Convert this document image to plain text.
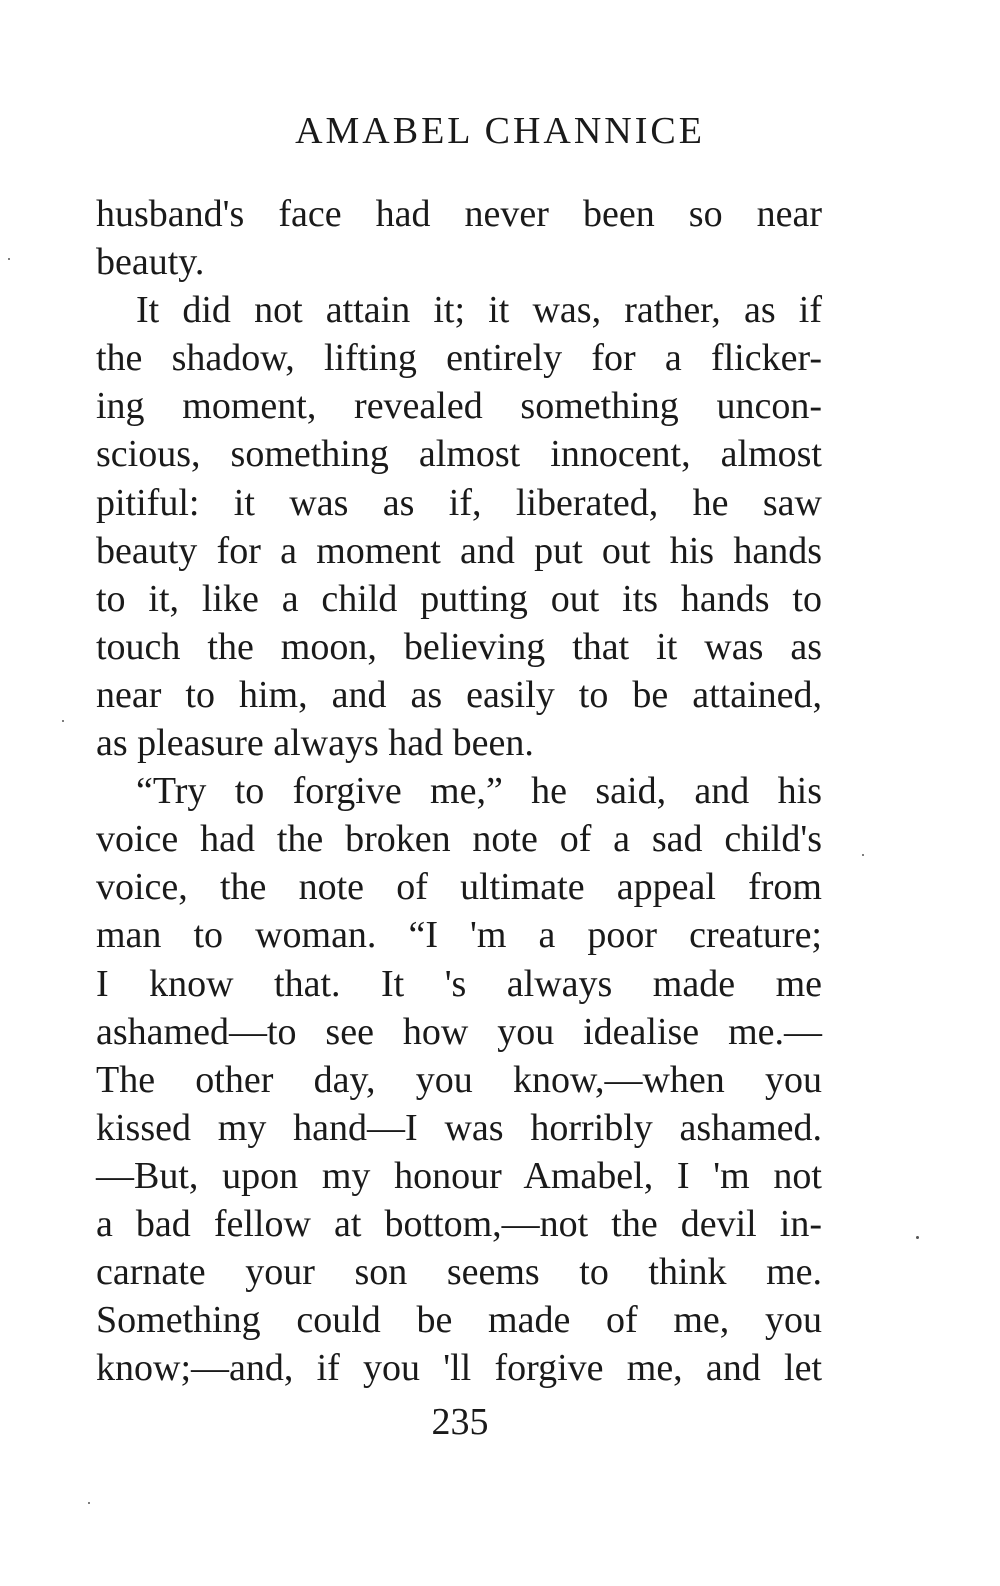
AMABEL CHANNICE
husband's face had never been so near
beauty.
It did not attain it; it was, rather, as if
the shadow, lifting entirely for a flicker-
ing moment, revealed something uncon-
scious, something almost innocent, almost
pitiful: it was as if, liberated, he saw
beauty for a moment and put out his hands
to it, like a child putting out its hands to
touch the moon, believing that it was as
near to him, and as easily to be attained,
as pleasure always had been.
“Try to forgive me,” he said, and his
voice had the broken note of a sad child's
voice, the note of ultimate appeal from
man to woman. “I 'm a poor creature;
I know that. It 's always made me
ashamed—to see how you idealise me.—
The other day, you know,—when you
kissed my hand—I was horribly ashamed.
—But, upon my honour Amabel, I 'm not
a bad fellow at bottom,—not the devil in-
carnate your son seems to think me.
Something could be made of me, you
know;—and, if you 'll forgive me, and let
235
